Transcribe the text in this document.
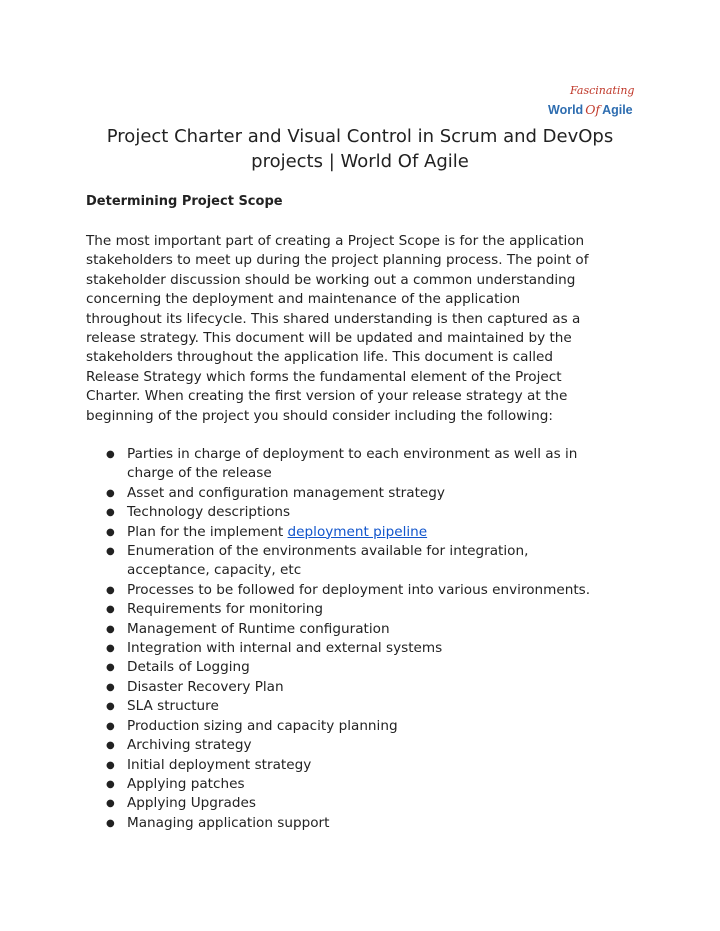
Fascinating
World Of Agile
Project Charter and Visual Control in Scrum and DevOps
projects | World Of Agile
Determining Project Scope

The most important part of creating a Project Scope is for the application
stakeholders to meet up during the project planning process. The point of
stakeholder discussion should be working out a common understanding
concerning the deployment and maintenance of the application
throughout its lifecycle. This shared understanding is then captured as a
release strategy. This document will be updated and maintained by the
stakeholders throughout the application life. This document is called
Release Strategy which forms the fundamental element of the Project
Charter. When creating the first version of your release strategy at the
beginning of the project you should consider including the following:

● Parties in charge of deployment to each environment as well as in
charge of the release
● Asset and configuration management strategy
● Technology descriptions
● Plan for the implement deployment pipeline
● Enumeration of the environments available for integration,
acceptance, capacity, etc
● Processes to be followed for deployment into various environments.
● Requirements for monitoring
● Management of Runtime configuration
● Integration with internal and external systems
● Details of Logging
● Disaster Recovery Plan
● SLA structure
● Production sizing and capacity planning
● Archiving strategy
● Initial deployment strategy
● Applying patches
● Applying Upgrades
● Managing application support
